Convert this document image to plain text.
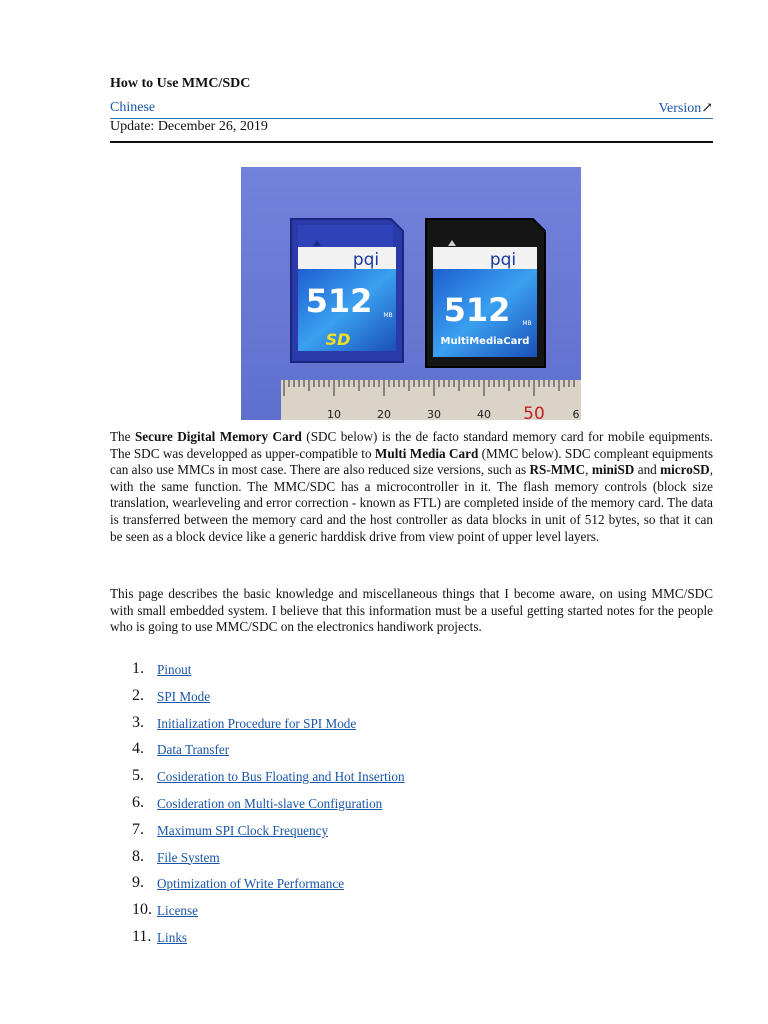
How to Use MMC/SDC
Chinese	Version↗
Update: December 26, 2019
pqi
512 MB
SD
pqi
512 MB
MultiMediaCard
10	20	30	40 50	6

The Secure Digital Memory Card (SDC below) is the de facto standard memory card for mobile equipments. The SDC was developped as upper-compatible to Multi Media Card (MMC below). SDC compleant equipments can also use MMCs in most case. There are also reduced size versions, such as RS-MMC, miniSD and microSD, with the same function. The MMC/SDC has a microcontroller in it. The flash memory controls (block size translation, wearleveling and error correction - known as FTL) are completed inside of the memory card. The data is transferred between the memory card and the host controller as data blocks in unit of 512 bytes, so that it can be seen as a block device like a generic harddisk drive from view point of upper level layers.

This page describes the basic knowledge and miscellaneous things that I become aware, on using MMC/SDC with small embedded system. I believe that this information must be a useful getting started notes for the people who is going to use MMC/SDC on the electronics handiwork projects.

1. Pinout
2. SPI Mode
3. Initialization Procedure for SPI Mode
4. Data Transfer
5. Cosideration to Bus Floating and Hot Insertion
6. Cosideration on Multi-slave Configuration
7. Maximum SPI Clock Frequency
8. File System
9. Optimization of Write Performance
10. License
11. Links
